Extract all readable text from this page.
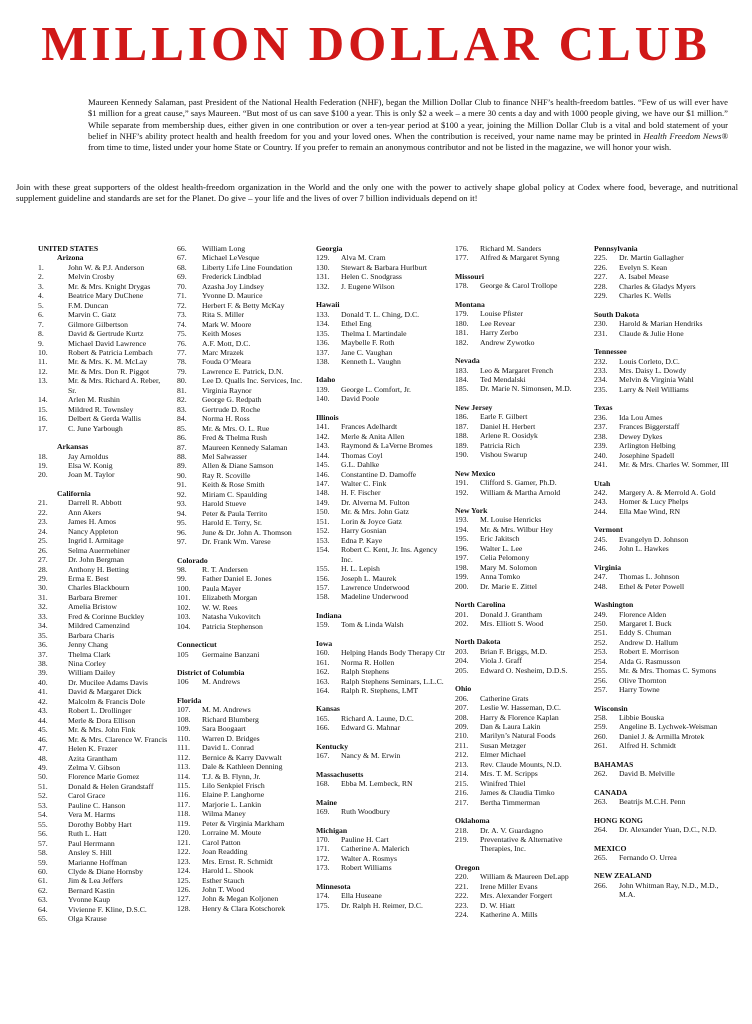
MILLION DOLLAR CLUB
Maureen Kennedy Salaman, past President of the National Health Federation (NHF), began the Million Dollar Club to finance NHF’s health-freedom battles. “Few of us will ever have $1 million for a great cause,” says Maureen. “But most of us can save $100 a year. This is only $2 a week – a mere 30 cents a day and with 1000 people giving, we have our $1 million.” While separate from membership dues, either given in one contribution or over a ten-year period at $100 a year, joining the Million Dollar Club is a vital and bold statement of your belief in NHF’s ability protect health and health freedom for you and your loved ones. When the contribution is received, your name name may be printed in Health Freedom News® from time to time, listed under your home State or Country. If you prefer to remain an anonymous contributor and not be listed in the magazine, we will honor your wish.
Join with these great supporters of the oldest health-freedom organization in the World and the only one with the power to actively shape global policy at Codex where food, beverage, and nutritional supplement guideline and standards are set for the Planet. Do give – your life and the lives of over 7 billion individuals depend on it!
UNITED STATES
Arizona
1.	John W. & P.J. Anderson
2.	Melvin Crosby
3.	Mr. & Mrs. Knight Drygas
4.	Beatrice Mary DuChene
5.	F.M. Duncan
6.	Marvin C. Gatz
7.	Gilmore Gilbertson
8.	David & Gertrude Kurtz
9.	Michael David Lawrence
10.	Robert & Patricia Lembach
11.	Mr. & Mrs. K. M. McLay
12.	Mr. & Mrs. Don R. Piggot
13.	Mr. & Mrs. Richard A. Reber, Sr.
14.	Arlen M. Rushin
15.	Mildred R. Townsley
16.	Delbert & Gerda Wallis
17.	C. June Yarbough
Arkansas
18.	Jay Arnoldus
19.	Elsa W. Konig
20.	Joan M. Taylor
California
21.	Darrell R. Abbott
22.	Ann Akers
23.	James H. Amos
24.	Nancy Appleton
25.	Ingrid I. Armitage
26.	Selma Auerrnehiner
27.	Dr. John Bergman
28.	Anthony H. Betting
29.	Erma E. Best
30.	Charles Blackbourn
31.	Barbara Bremer
32.	Amelia Bristow
33.	Fred & Corinne Buckley
34.	Mildred Camenzind
35.	Barbara Charis
36.	Jenny Chang
37.	Thelma Clark
38.	Nina Corley
39.	William Dailey
40.	Dr. Mucilee Adams Davis
41.	David & Margaret Dick
42.	Malcolm & Francis Dole
43.	Robert L. Drollinger
44.	Merle & Dora Ellison
45.	Mr. & Mrs. John Fink
46.	Mr. & Mrs. Clarence W. Francis
47.	Helen K. Frazer
48.	Azita Grantham
49.	Zelma V. Gibson
50.	Florence Marie Gomez
51.	Donald & Helen Grandstaff
52.	Carol Grace
53.	Pauline C. Hanson
54.	Vera M. Harms
55.	Dorothy Bobby Hart
56.	Ruth L. Hatt
57.	Paul Herrmann
58.	Ansley S. Hill
59.	Marianne Hoffman
60.	Clyde & Diane Hornsby
61.	Jim & Lea Jeffers
62.	Bernard Kastin
63.	Yvonne Kaup
64.	Vivienne F. Kline, D.S.C.
65.	Olga Krause
66.	William Long
67.	Michael LeVesque
68.	Liberty Life Line Foundation
69.	Frederick Lindblad
70.	Azasha Joy Lindsey
71.	Yvonne D. Maurice
72.	Herbert F. & Betty McKay
73.	Rita S. Miller
74.	Mark W. Moore
75.	Keith Moses
76.	A.F. Mott, D.C.
77.	Marc Mrazek
78.	Fouda O’Meara
79.	Lawrence E. Patrick, D.N.
80.	Lee D. Qualls Inc. Services, Inc.
81.	Virginia Raynor
82.	George G. Redpath
83.	Gertrude D. Roche
84.	Norma H. Ross
85.	Mr. & Mrs. O. L. Rue
86.	Fred & Thelma Rush
87.	Maureen Kennedy Salaman
88.	Mel Salwasser
89.	Allen & Diane Samson
90.	Ray R. Scoville
91.	Keith & Rose Smith
92.	Miriam C. Spaulding
93.	Harold Stueve
94.	Peter & Paula Territo
95.	Harold E. Terry, Sr.
96.	June & Dr. John A. Thomson
97.	Dr. Frank Wm. Varese
Colorado
98.	R. T. Andersen
99.	Father Daniel E. Jones
100.	Paula Mayer
101.	Elizabeth Morgan
102.	W. W. Rees
103.	Natasha Vukovitch
104.	Patricia Stephenson
Connecticut
105	Germaine Banzani
District of Columbia
106	M. Andrews
Florida
107.	M. M. Andrews
108.	Richard Blumberg
109.	Sara Boogaart
110.	Warren D. Bridges
111.	David L. Conrad
112.	Bernice & Karry Davwalt
113.	Dale & Kathleen Denning
114.	T.J. & B. Flynn, Jr.
115.	Lilo Senkpiel Frisch
116.	Elaine P. Langhorne
117.	Marjorie L. Lankin
118.	Wilma Maney
119.	Peter & Virginia Markham
120.	Lorraine M. Moute
121.	Carol Patton
122.	Joan Readding
123.	Mrs. Ernst. R. Schmidt
124.	Harold L. Shook
125.	Esther Stauch
126.	John T. Wood
127.	John & Megan Koljonen
128.	Henry & Clara Kotschorek
Georgia
129.	Alva M. Cram
130.	Stewart & Barbara Hurlburt
131.	Helen C. Snodgrass
132.	J. Eugene Wilson
Hawaii
133.	Donald T. L. Ching, D.C.
134.	Ethel Eng
135.	Thelma I. Martindale
136.	Maybelle F. Roth
137.	Jane C. Vaughan
138.	Kenneth L. Vaughn
Idaho
139.	George L. Comfort, Jr.
140.	David Poole
Illinois
141.	Frances Adelhardt
142.	Merle & Anita Allen
143.	Raymond & LaVerne Bromes
144.	Thomas Coyl
145.	G.L. Dahlke
146.	Constantine D. Damoffe
147.	Walter C. Fink
148.	H. F. Fischer
149.	Dr. Alverna M. Fulton
150.	Mr. & Mrs. John Gatz
151.	Lorin & Joyce Gatz
152.	Harry Gosnian
153.	Edna P. Kaye
154.	Robert C. Kent, Jr. Ins. Agency Inc.
155.	H. L. Lepish
156.	Joseph L. Maurek
157.	Lawrence Underwood
158.	Madeline Underwood
Indiana
159.	Tom & Linda Walsh
Iowa
160.	Helping Hands Body Therapy Ctr
161.	Norma R. Hollen
162.	Ralph Stephens
163.	Ralph Stephens Seminars, L.L.C.
164.	Ralph R. Stephens, LMT
Kansas
165.	Richard A. Laune, D.C.
166.	Edward G. Mahnar
Kentucky
167.	Nancy & M. Erwin
Massachusetts
168.	Ebba M. Lembeck, RN
Maine
169.	Ruth Woodbury
Michigan
170.	Pauline H. Cart
171.	Catherine A. Malerich
172.	Walter A. Rosmys
173.	Robert Williams
Minnesota
174.	Ella Huseane
175.	Dr. Ralph H. Reimer, D.C.
176.	Richard M. Sanders
177.	Alfred & Margaret Synng
Missouri
178.	George & Carol Trollope
Montana
179.	Louise Pfister
180.	Lee Revear
181.	Harry Zerbo
182.	Andrew Zywotko
Nevada
183.	Leo & Margaret French
184.	Ted Mendalski
185.	Dr. Marie N. Simonsen, M.D.
New Jersey
186.	Earle F. Gilbert
187.	Daniel H. Herbert
188.	Arlene R. Oosidyk
189.	Patricia Rich
190.	Vishou Swarup
New Mexico
191.	Clifford S. Gamer, Ph.D.
192.	William & Martha Arnold
New York
193.	M. Louise Henricks
194.	Mr. & Mrs. Wilbur Hey
195.	Eric Jakitsch
196.	Walter L. Lee
197.	Celia Pelomony
198.	Mary M. Solomon
199.	Anna Tomko
200.	Dr. Marie E. Zittel
North Carolina
201.	Donald J. Grantham
202.	Mrs. Elliott S. Wood
North Dakota
203.	Brian F. Briggs, M.D.
204.	Viola J. Graff
205.	Edward O. Nesheim, D.D.S.
Ohio
206.	Catherine Grats
207.	Leslie W. Hasseman, D.C.
208.	Harry & Florence Kaplan
209.	Dan & Laura Lakin
210.	Marilyn’s Natural Foods
211.	Susan Metzger
212.	Elmer Michael
213.	Rev. Claude Mounts, N.D.
214.	Mrs. T. M. Scripps
215.	Winifred Thiel
216.	James & Claudia Timko
217.	Bertha Timmerman
Oklahoma
218.	Dr. A. V. Guardagno
219.	Preventative & Alternative Therapies, Inc.
Oregon
220.	William & Maureen DeLapp
221.	Irene Miller Evans
222.	Mrs. Alexander Forgert
223.	D. W. Hiatt
224.	Katherine A. Mills
Pennsylvania
225.	Dr. Martin Gallagher
226.	Evelyn S. Kean
227.	A. Isabel Mease
228.	Charles & Gladys Myers
229.	Charles K. Wells
South Dakota
230.	Harold & Marian Hendriks
231.	Claude & Julie Hone
Tennessee
232.	Louis Corleto, D.C.
233.	Mrs. Daisy L. Dowdy
234.	Melvin & Virginia Wahl
235.	Larry & Neil Williams
Texas
236.	Ida Lou Ames
237.	Frances Biggerstaff
238.	Dewey Dykes
239.	Arlington Helbing
240.	Josephine Spadell
241.	Mr. & Mrs. Charles W. Sommer, III
Utah
242.	Margery A. & Merrold A. Gold
243.	Homer & Lucy Phelps
244.	Ella Mae Wind, RN
Vermont
245.	Evangelyn D. Johnson
246.	John L. Hawkes
Virginia
247.	Thomas L. Johnson
248.	Ethel & Peter Powell
Washington
249.	Florence Alden
250.	Margaret I. Buck
251.	Eddy S. Chuman
252.	Andrew D. Hallum
253.	Robert E. Morrison
254.	Alda G. Rasmusson
255.	Mr. & Mrs. Thomas C. Symons
256.	Olive Thornton
257.	Harry Towne
Wisconsin
258.	Libbie Bouska
259.	Angeline B. Lychwek-Weisman
260.	Daniel J. & Armilla Mrotek
261.	Alfred H. Schmidt
BAHAMAS
262.	David B. Melville
CANADA
263.	Beatrijs M.C.H. Penn
HONG KONG
264.	Dr. Alexander Yuan, D.C., N.D.
MEXICO
265.	Fernando O. Urrea
NEW ZEALAND
266.	John Whitman Ray, N.D., M.D., M.A.
